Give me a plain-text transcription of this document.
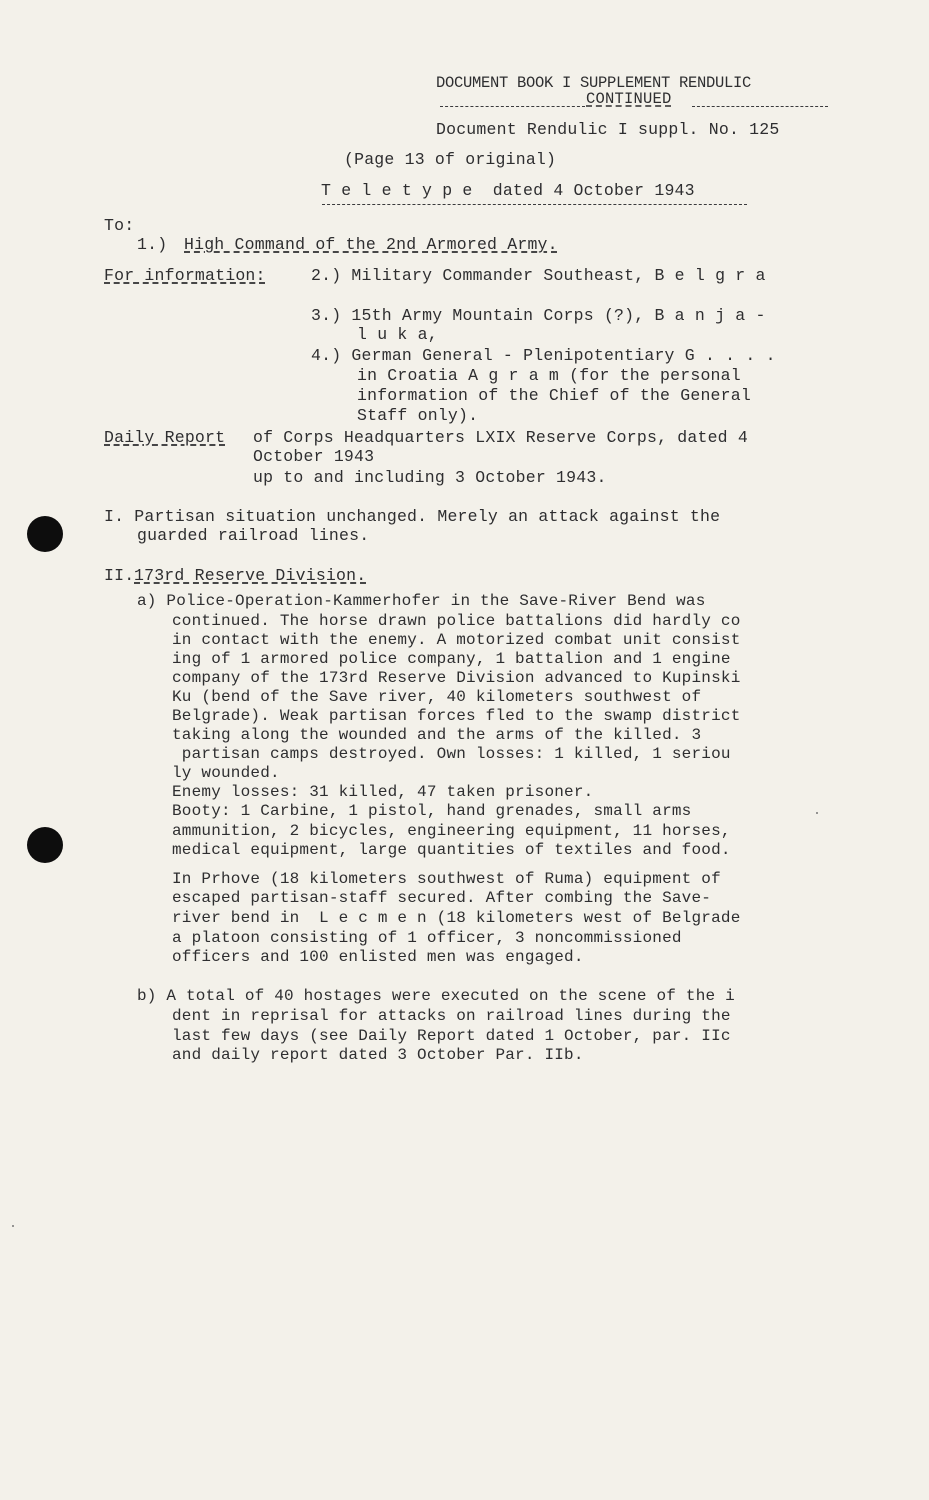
DOCUMENT BOOK I SUPPLEMENT RENDULIC
CONTINUED
Document Rendulic I suppl. No. 125
(Page 13 of original)
T e l e t y p e  dated 4 October 1943
To:
1.) High Command of the 2nd Armored Army.
For information:	2.) Military Commander Southeast, B e l g r a
3.) 15th Army Mountain Corps (?), B a n j a -
l u k a,
4.) German General - Plenipotentiary G . . . .
in Croatia A g r a m (for the personal
information of the Chief of the General
Staff only).
Daily Report of Corps Headquarters LXIX Reserve Corps, dated 4
October 1943
up to and including 3 October 1943.
I. Partisan situation unchanged. Merely an attack against the
guarded railroad lines.
II. 173rd Reserve Division.
a) Police-Operation-Kammerhofer in the Save-River Bend was
continued. The horse drawn police battalions did hardly co
in contact with the enemy. A motorized combat unit consist
ing of 1 armored police company, 1 battalion and 1 engine
company of the 173rd Reserve Division advanced to Kupinski
Ku (bend of the Save river, 40 kilometers southwest of
Belgrade). Weak partisan forces fled to the swamp district
taking along the wounded and the arms of the killed. 3
partisan camps destroyed. Own losses: 1 killed, 1 seriou
ly wounded.
Enemy losses: 31 killed, 47 taken prisoner.
Booty: 1 Carbine, 1 pistol, hand grenades, small arms
ammunition, 2 bicycles, engineering equipment, 11 horses,
medical equipment, large quantities of textiles and food.
In Prhove (18 kilometers southwest of Ruma) equipment of
escaped partisan-staff secured. After combing the Save-
river bend in  L e c m e n (18 kilometers west of Belgrade
a platoon consisting of 1 officer, 3 noncommissioned
officers and 100 enlisted men was engaged.
b) A total of 40 hostages were executed on the scene of the i
dent in reprisal for attacks on railroad lines during the
last few days (see Daily Report dated 1 October, par. IIc
and daily report dated 3 October Par. IIb.
